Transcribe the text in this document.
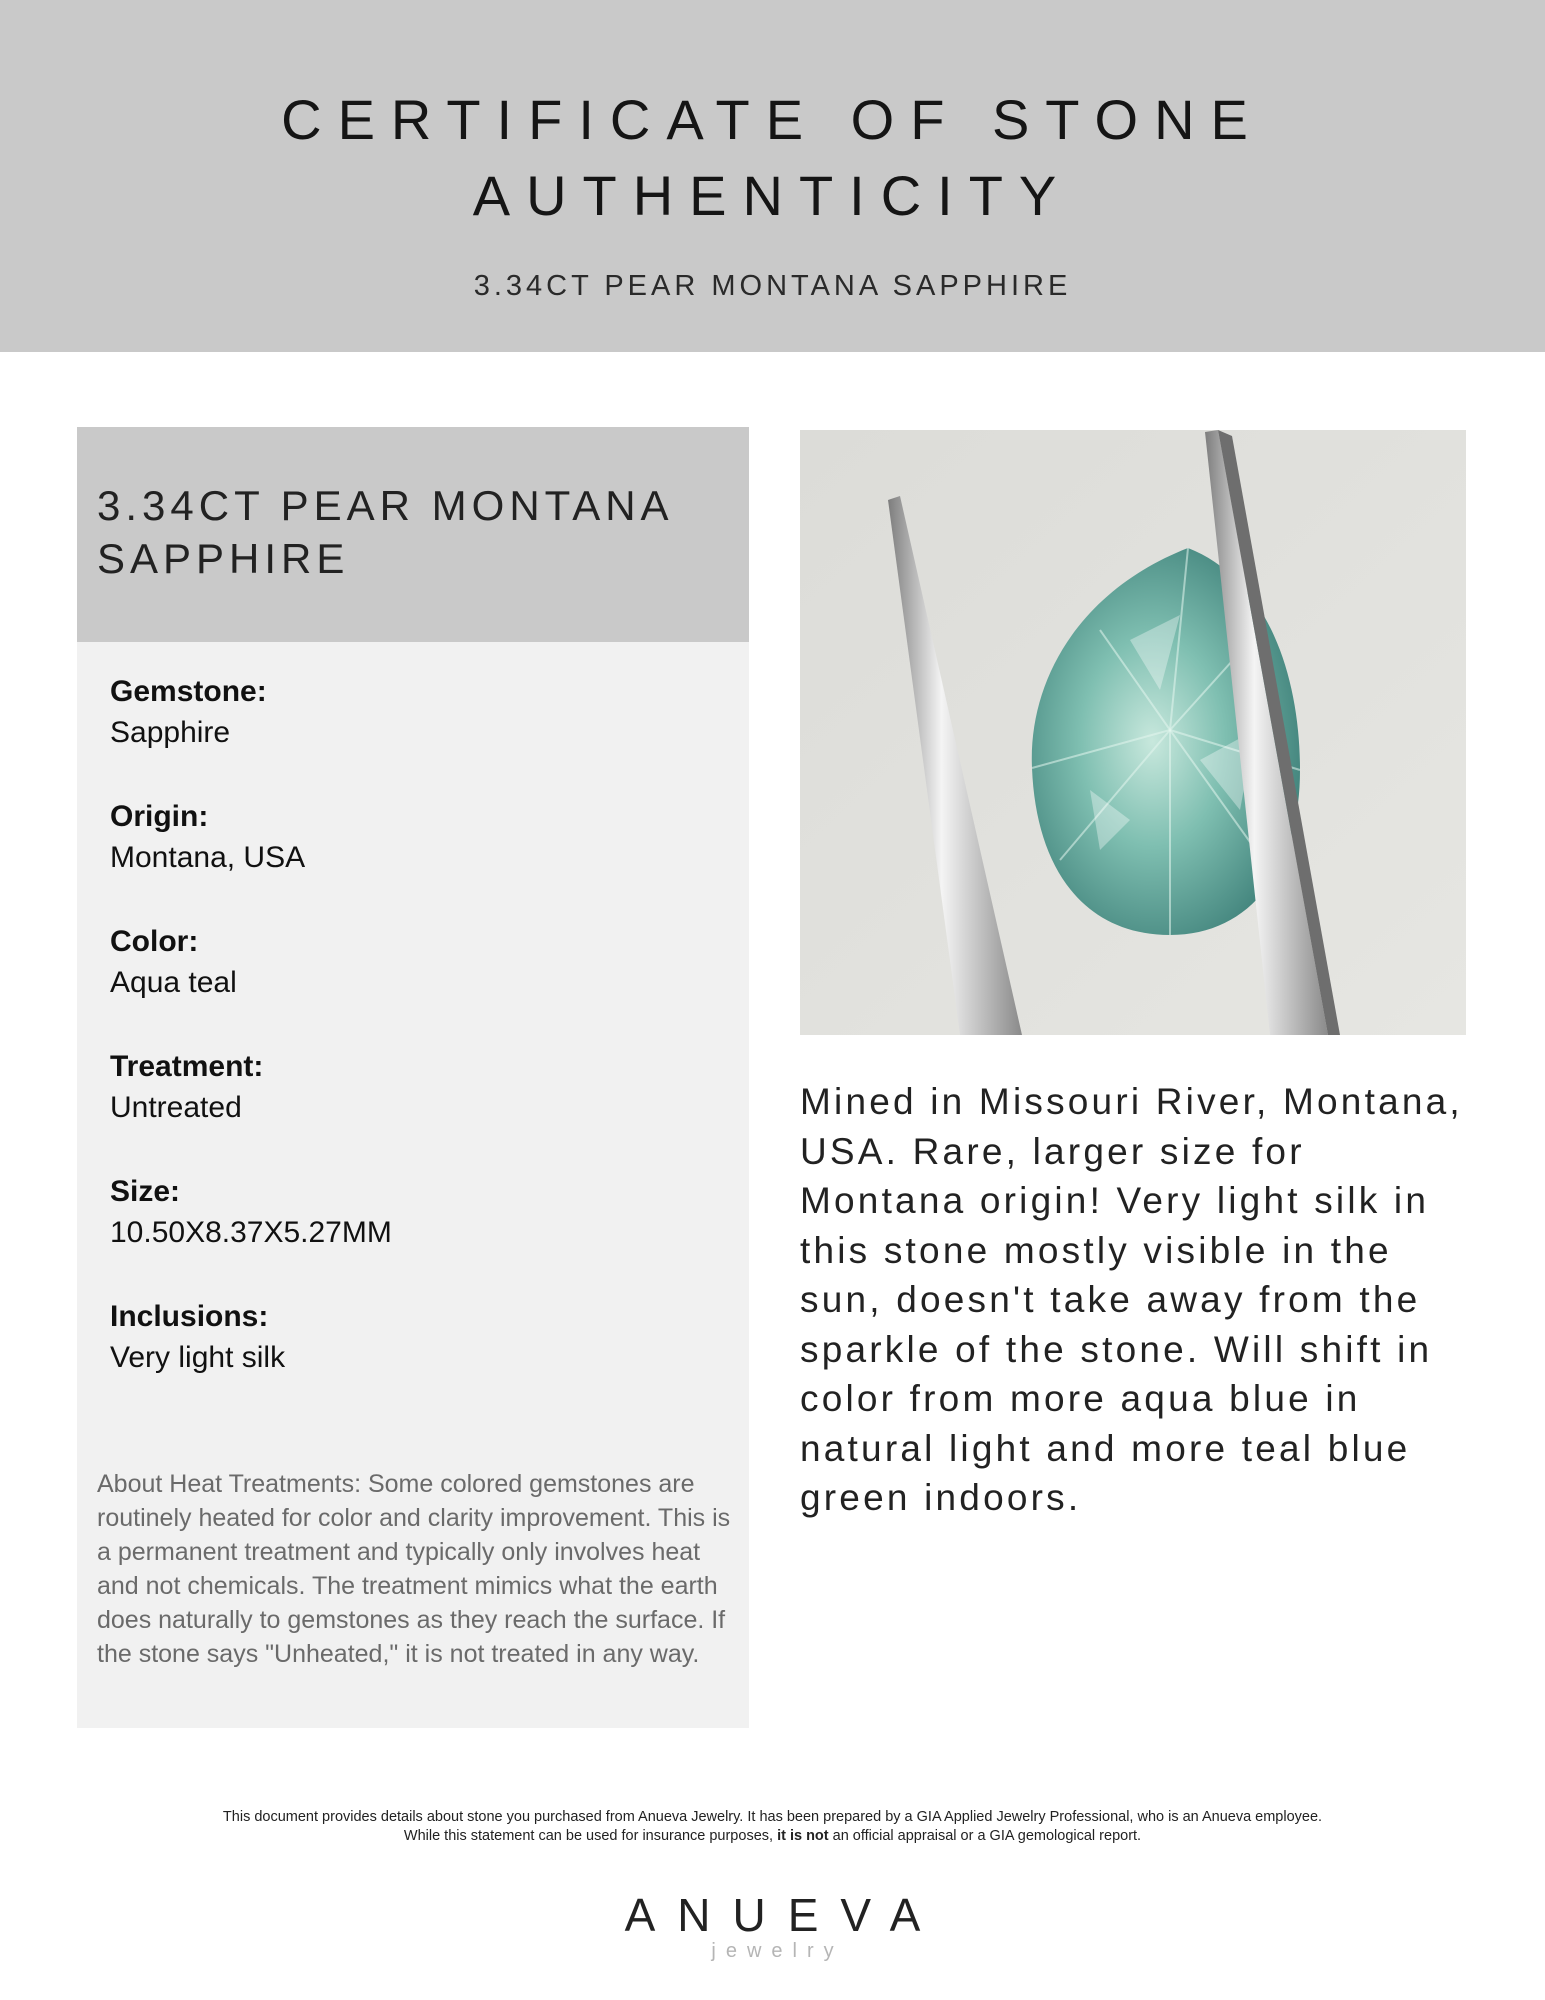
CERTIFICATE OF STONE AUTHENTICITY
3.34CT PEAR MONTANA SAPPHIRE
3.34CT PEAR MONTANA SAPPHIRE
Gemstone:
Sapphire
Origin:
Montana, USA
Color:
Aqua teal
Treatment:
Untreated
Size:
10.50X8.37X5.27MM
Inclusions:
Very light silk
About Heat Treatments: Some colored gemstones are routinely heated for color and clarity improvement. This is a permanent treatment and typically only involves heat and not chemicals. The treatment mimics what the earth does naturally to gemstones as they reach the surface. If the stone says "Unheated," it is not treated in any way.
Mined in Missouri River, Montana, USA. Rare, larger size for Montana origin! Very light silk in this stone mostly visible in the sun, doesn't take away from the sparkle of the stone. Will shift in color from more aqua blue in natural light and more teal blue green indoors.
This document provides details about stone you purchased from Anueva Jewelry. It has been prepared by a GIA Applied Jewelry Professional, who is an Anueva employee.
While this statement can be used for insurance purposes, it is not an official appraisal or a GIA gemological report.
ANUEVA
jewelry
